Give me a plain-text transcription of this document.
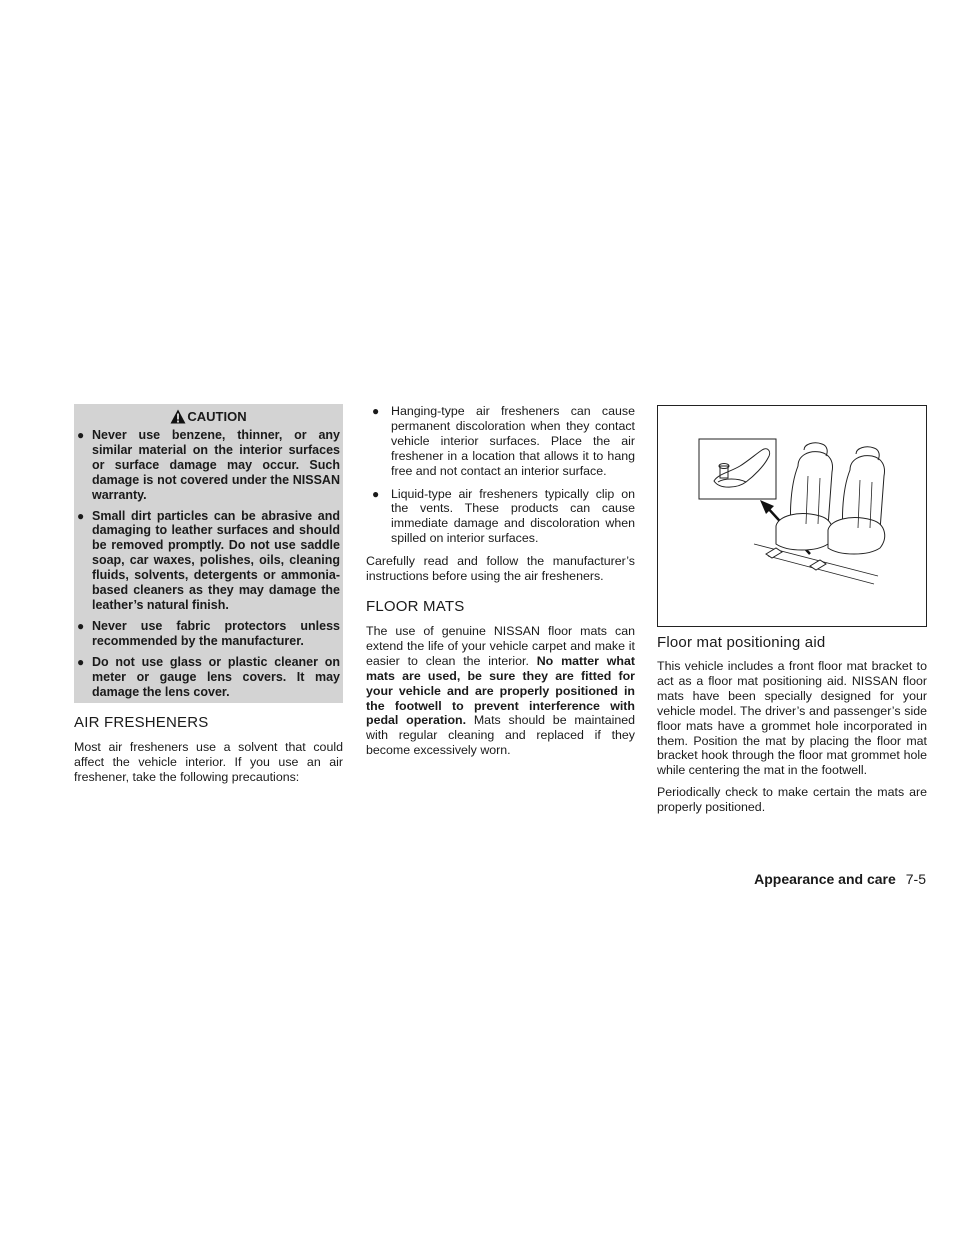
CAUTION
● Never use benzene, thinner, or any similar material on the interior surfaces or surface damage may occur. Such damage is not covered under the NISSAN warranty.
● Small dirt particles can be abrasive and damaging to leather surfaces and should be removed promptly. Do not use saddle soap, car waxes, polishes, oils, cleaning fluids, solvents, detergents or ammonia-based cleaners as they may damage the leather’s natural finish.
● Never use fabric protectors unless recommended by the manufacturer.
● Do not use glass or plastic cleaner on meter or gauge lens covers. It may damage the lens cover.
AIR FRESHENERS

Most air fresheners use a solvent that could affect the vehicle interior. If you use an air freshener, take the following precautions:

● Hanging-type air fresheners can cause permanent discoloration when they contact vehicle interior surfaces. Place the air freshener in a location that allows it to hang free and not contact an interior surface.
● Liquid-type air fresheners typically clip on the vents. These products can cause immediate damage and discoloration when spilled on interior surfaces.

Carefully read and follow the manufacturer’s instructions before using the air fresheners.

FLOOR MATS

The use of genuine NISSAN floor mats can extend the life of your vehicle carpet and make it easier to clean the interior. No matter what mats are used, be sure they are fitted for your vehicle and are properly positioned in the footwell to prevent interference with pedal operation. Mats should be maintained with regular cleaning and replaced if they become excessively worn.

Floor mat positioning aid

This vehicle includes a front floor mat bracket to act as a floor mat positioning aid. NISSAN floor mats have been specially designed for your vehicle model. The driver’s and passenger’s side floor mats have a grommet hole incorporated in them. Position the mat by placing the floor mat bracket hook through the floor mat grommet hole while centering the mat in the footwell.

Periodically check to make certain the mats are properly positioned.

Appearance and care 7-5
